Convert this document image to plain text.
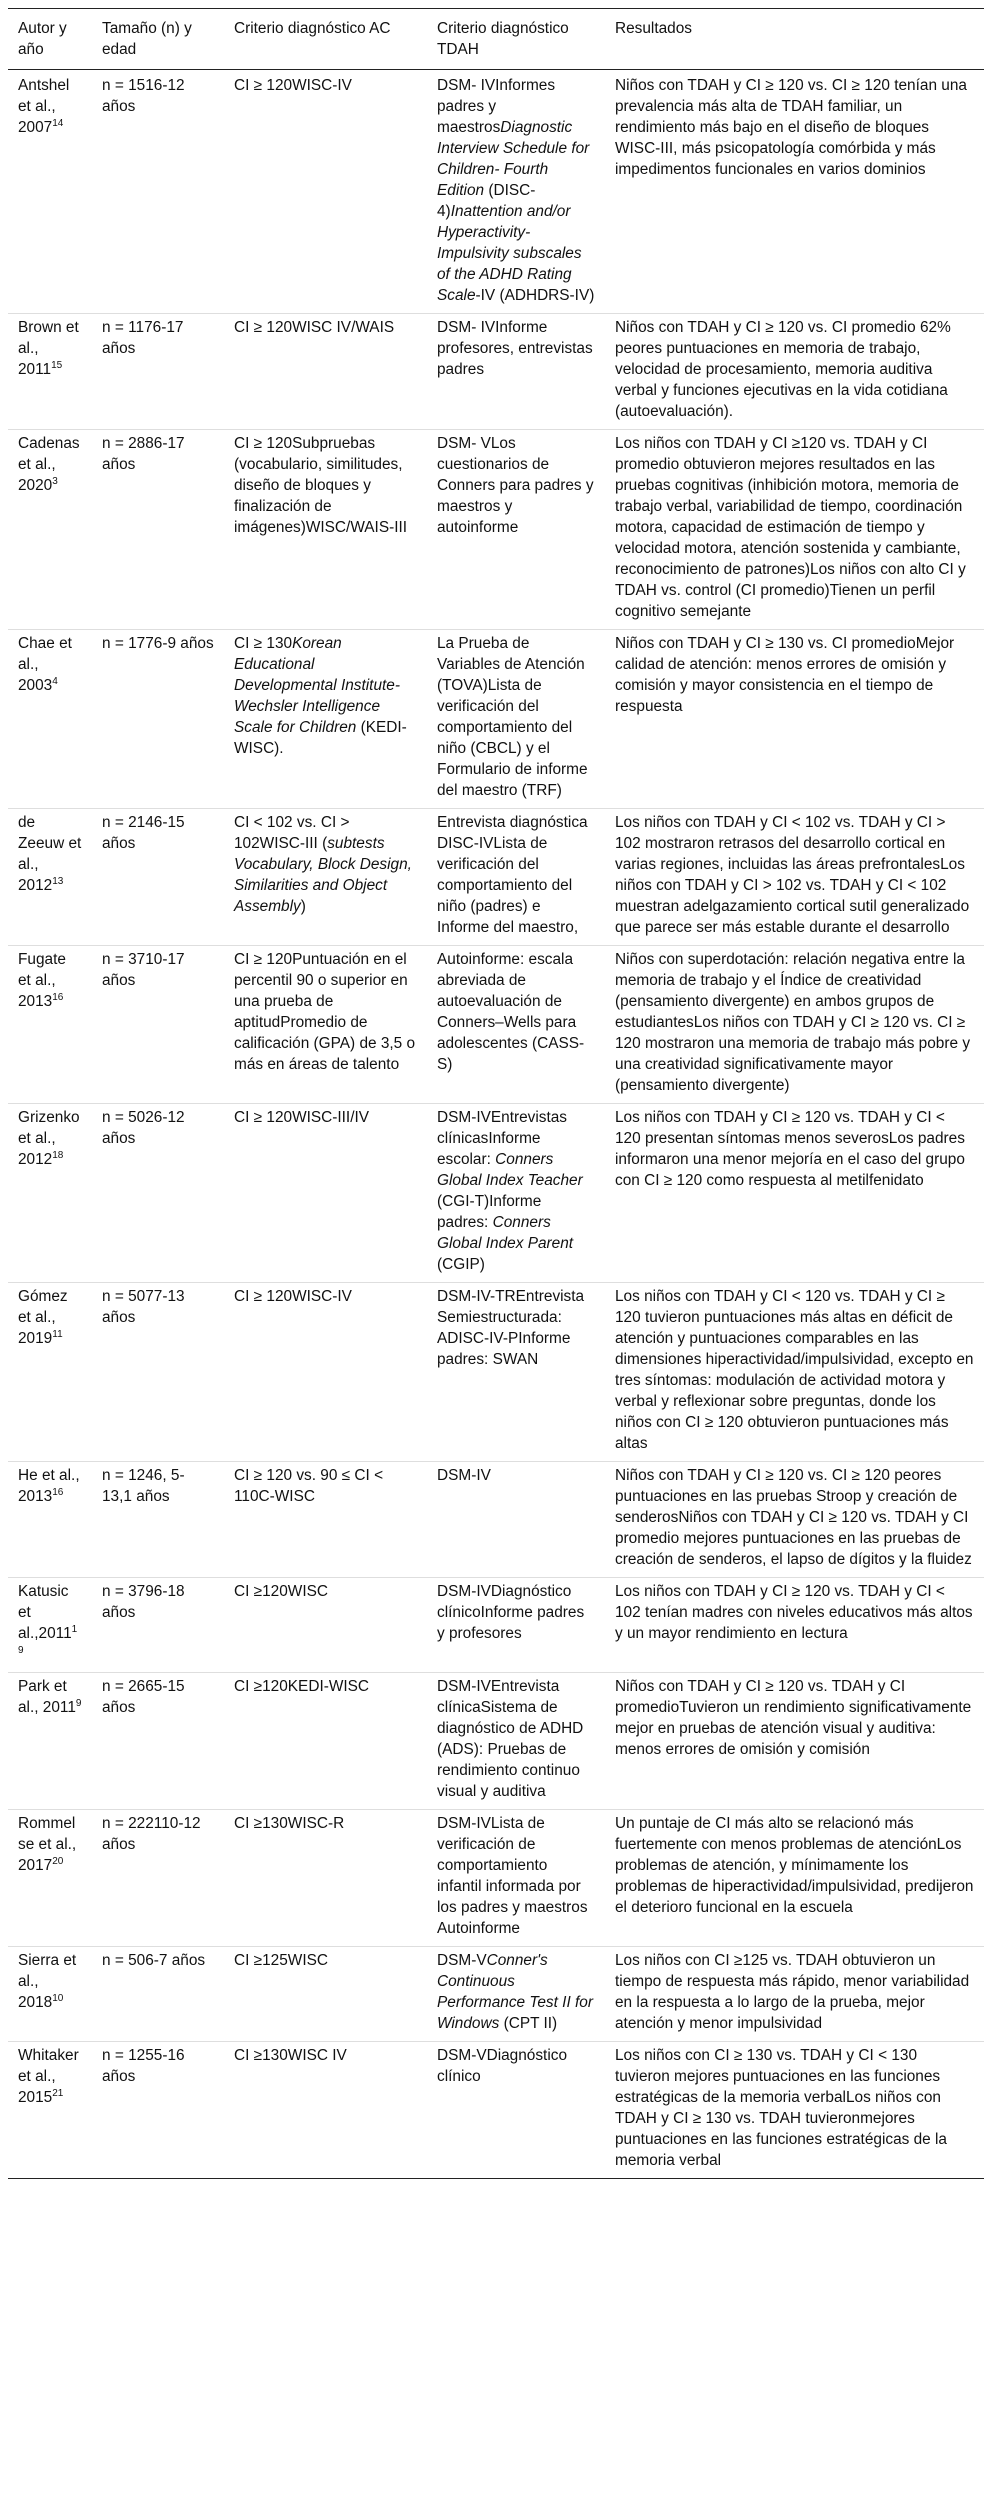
Autor y año	Tamaño (n) y edad	Criterio diagnóstico AC	Criterio diagnóstico TDAH	Resultados
Antshel et al., 2007$^{14}$	n = 1516-12 años	CI ≥ 120WISC-IV	DSM- IVInformes padres y maestrosDiagnostic Interview Schedule for Children- Fourth Edition (DISC-4)Inattention and/or Hyperactivity-Impulsivity subscales of the ADHD Rating Scale-IV (ADHDRS-IV)	Niños con TDAH y CI ≥ 120 vs. CI ≥ 120 tenían una prevalencia más alta de TDAH familiar, un rendimiento más bajo en el diseño de bloques WISC-III, más psicopatología comórbida y más impedimentos funcionales en varios dominios
Brown et al., 2011$^{15}$	n = 1176-17 años	CI ≥ 120WISC IV/WAIS	DSM- IVInforme profesores, entrevistas padres	Niños con TDAH y CI ≥ 120 vs. CI promedio 62% peores puntuaciones en memoria de trabajo, velocidad de procesamiento, memoria auditiva verbal y funciones ejecutivas en la vida cotidiana (autoevaluación).
Cadenas et al., 2020$^3$	n = 2886-17 años	CI ≥ 120Subpruebas (vocabulario, similitudes, diseño de bloques y finalización de imágenes)WISC/WAIS-III	DSM- VLos cuestionarios de Conners para padres y maestros y autoinforme	Los niños con TDAH y CI ≥120 vs. TDAH y CI promedio obtuvieron mejores resultados en las pruebas cognitivas (inhibición motora, memoria de trabajo verbal, variabilidad de tiempo, coordinación motora, capacidad de estimación de tiempo y velocidad motora, atención sostenida y cambiante, reconocimiento de patrones)Los niños con alto CI y TDAH vs. control (CI promedio)Tienen un perfil cognitivo semejante
Chae et al., 2003$^4$	n = 1776-9 años	CI ≥ 130Korean Educational Developmental Institute-Wechsler Intelligence Scale for Children (KEDI-WISC).	La Prueba de Variables de Atención (TOVA)Lista de verificación del comportamiento del niño (CBCL) y el Formulario de informe del maestro (TRF)	Niños con TDAH y CI ≥ 130 vs. CI promedioMejor calidad de atención: menos errores de omisión y comisión y mayor consistencia en el tiempo de respuesta
de Zeeuw et al., 2012$^{13}$	n = 2146-15 años	CI ˂ 102 vs. CI > 102WISC-III (subtests Vocabulary, Block Design, Similarities and Object Assembly)	Entrevista diagnóstica DISC-IVLista de verificación del comportamiento del niño (padres) e Informe del maestro,	Los niños con TDAH y CI ˂ 102 vs. TDAH y CI > 102 mostraron retrasos del desarrollo cortical en varias regiones, incluidas las áreas prefrontalesLos niños con TDAH y CI > 102 vs. TDAH y CI ˂ 102 muestran adelgazamiento cortical sutil generalizado que parece ser más estable durante el desarrollo
Fugate et al., 2013$^{16}$	n = 3710-17 años	CI ≥ 120Puntuación en el percentil 90 o superior en una prueba de aptitudPromedio de calificación (GPA) de 3,5 o más en áreas de talento	Autoinforme: escala abreviada de autoevaluación de Conners–Wells para adolescentes (CASS-S)	Niños con superdotación: relación negativa entre la memoria de trabajo y el Índice de creatividad (pensamiento divergente) en ambos grupos de estudiantesLos niños con TDAH y CI ≥ 120 vs. CI ≥ 120 mostraron una memoria de trabajo más pobre y una creatividad significativamente mayor (pensamiento divergente)
Grizenko et al., 2012$^{18}$	n = 5026-12 años	CI ≥ 120WISC-III/IV	DSM-IVEntrevistas clínicasInforme escolar: Conners Global Index Teacher (CGI-T)Informe padres: Conners Global Index Parent (CGIP)	Los niños con TDAH y CI ≥ 120 vs. TDAH y CI ˂ 120 presentan síntomas menos severosLos padres informaron una menor mejoría en el caso del grupo con CI ≥ 120 como respuesta al metilfenidato
Gómez et al., 2019$^{11}$	n = 5077-13 años	CI ≥ 120WISC-IV	DSM-IV-TREntrevista Semiestructurada: ADISC-IV-PInforme padres: SWAN	Los niños con TDAH y CI ˂ 120 vs. TDAH y CI ≥ 120 tuvieron puntuaciones más altas en déficit de atención y puntuaciones comparables en las dimensiones hiperactividad/impulsividad, excepto en tres síntomas: modulación de actividad motora y verbal y reflexionar sobre preguntas, donde los niños con CI ≥ 120 obtuvieron puntuaciones más altas
He et al., 2013$^{16}$	n = 1246, 5-13,1 años	CI ≥ 120 vs. 90 ≤ CI < 110C-WISC	DSM-IV	Niños con TDAH y CI ≥ 120 vs. CI ≥ 120 peores puntuaciones en las pruebas Stroop y creación de senderosNiños con TDAH y CI ≥ 120 vs. TDAH y CI promedio mejores puntuaciones en las pruebas de creación de senderos, el lapso de dígitos y la fluidez
Katusic et al.,2011$^{19}$	n = 3796-18 años	CI ≥120WISC	DSM-IVDiagnóstico clínicoInforme padres y profesores	Los niños con TDAH y CI ≥ 120 vs. TDAH y CI ˂ 102 tenían madres con niveles educativos más altos y un mayor rendimiento en lectura
Park et al., 2011$^9$	n = 2665-15 años	CI ≥120KEDI-WISC	DSM-IVEntrevista clínicaSistema de diagnóstico de ADHD (ADS): Pruebas de rendimiento continuo visual y auditiva	Niños con TDAH y CI ≥ 120 vs. TDAH y CI promedioTuvieron un rendimiento significativamente mejor en pruebas de atención visual y auditiva: menos errores de omisión y comisión
Rommelse et al., 2017$^{20}$	n = 222110-12 años	CI ≥130WISC-R	DSM-IVLista de verificación de comportamiento infantil informada por los padres y maestros Autoinforme	Un puntaje de CI más alto se relacionó más fuertemente con menos problemas de atenciónLos problemas de atención, y mínimamente los problemas de hiperactividad/impulsividad, predijeron el deterioro funcional en la escuela
Sierra et al., 2018$^{10}$	n = 506-7 años	CI ≥125WISC	DSM-VConner's Continuous Performance Test II for Windows (CPT II)	Los niños con CI ≥125 vs. TDAH obtuvieron un tiempo de respuesta más rápido, menor variabilidad en la respuesta a lo largo de la prueba, mejor atención y menor impulsividad
Whitaker et al., 2015$^{21}$	n = 1255-16 años	CI ≥130WISC IV	DSM-VDiagnóstico clínico	Los niños con CI ≥ 130 vs. TDAH y CI ˂ 130 tuvieron mejores puntuaciones en las funciones estratégicas de la memoria verbalLos niños con TDAH y CI ≥ 130 vs. TDAH tuvieronmejores puntuaciones en las funciones estratégicas de la memoria verbal
